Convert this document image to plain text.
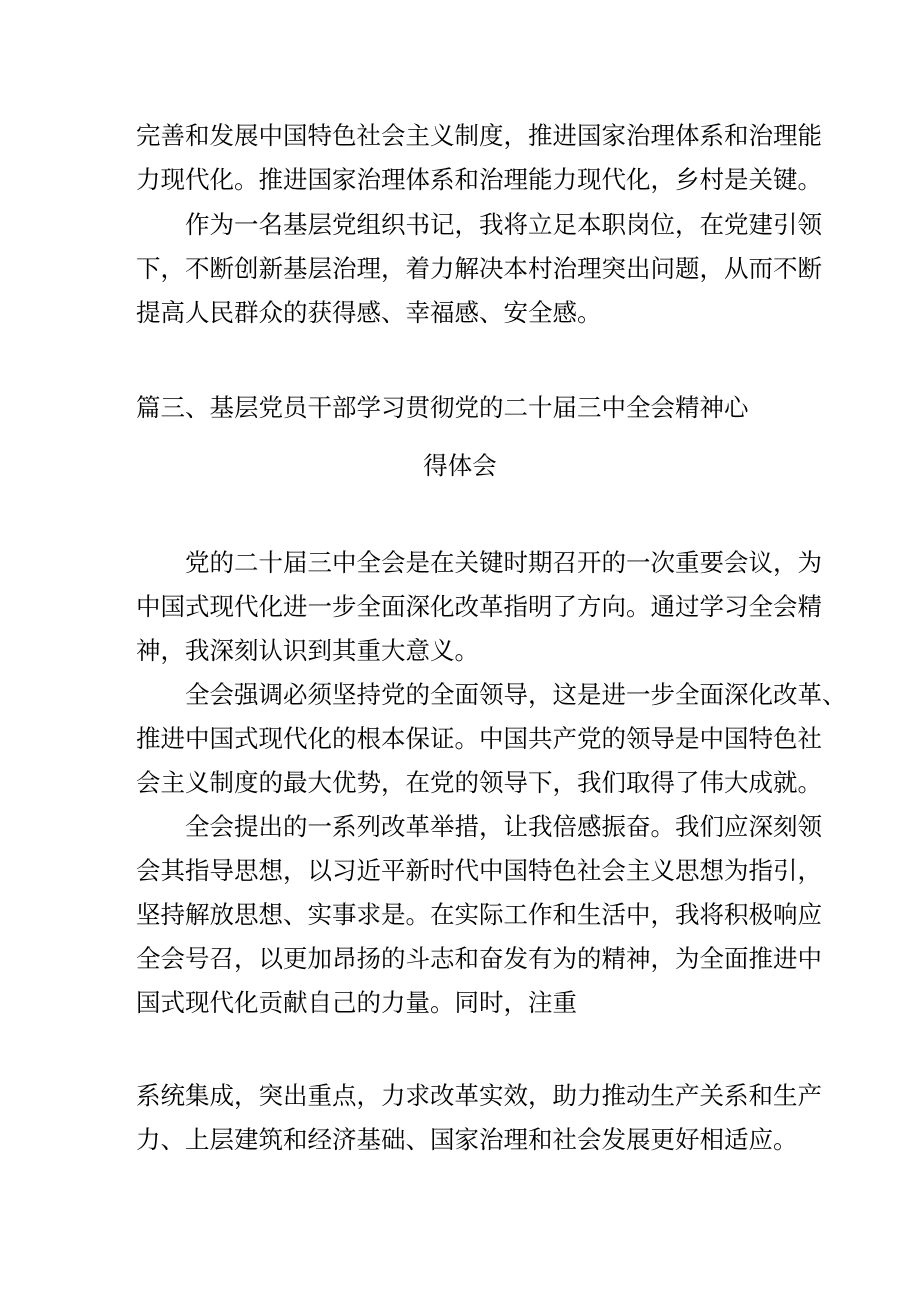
完善和发展中国特色社会主义制度，推进国家治理体系和治理能
力现代化。推进国家治理体系和治理能力现代化，乡村是关键。
作为一名基层党组织书记，我将立足本职岗位，在党建引领
下，不断创新基层治理，着力解决本村治理突出问题，从而不断
提高人民群众的获得感、幸福感、安全感。
篇三、基层党员干部学习贯彻党的二十届三中全会精神心
得体会
党的二十届三中全会是在关键时期召开的一次重要会议，为
中国式现代化进一步全面深化改革指明了方向。通过学习全会精
神，我深刻认识到其重大意义。
全会强调必须坚持党的全面领导，这是进一步全面深化改革、
推进中国式现代化的根本保证。中国共产党的领导是中国特色社
会主义制度的最大优势，在党的领导下，我们取得了伟大成就。
全会提出的一系列改革举措，让我倍感振奋。我们应深刻领
会其指导思想，以习近平新时代中国特色社会主义思想为指引，
坚持解放思想、实事求是。在实际工作和生活中，我将积极响应
全会号召，以更加昂扬的斗志和奋发有为的精神，为全面推进中
国式现代化贡献自己的力量。同时，注重
系统集成，突出重点，力求改革实效，助力推动生产关系和生产
力、上层建筑和经济基础、国家治理和社会发展更好相适应。
